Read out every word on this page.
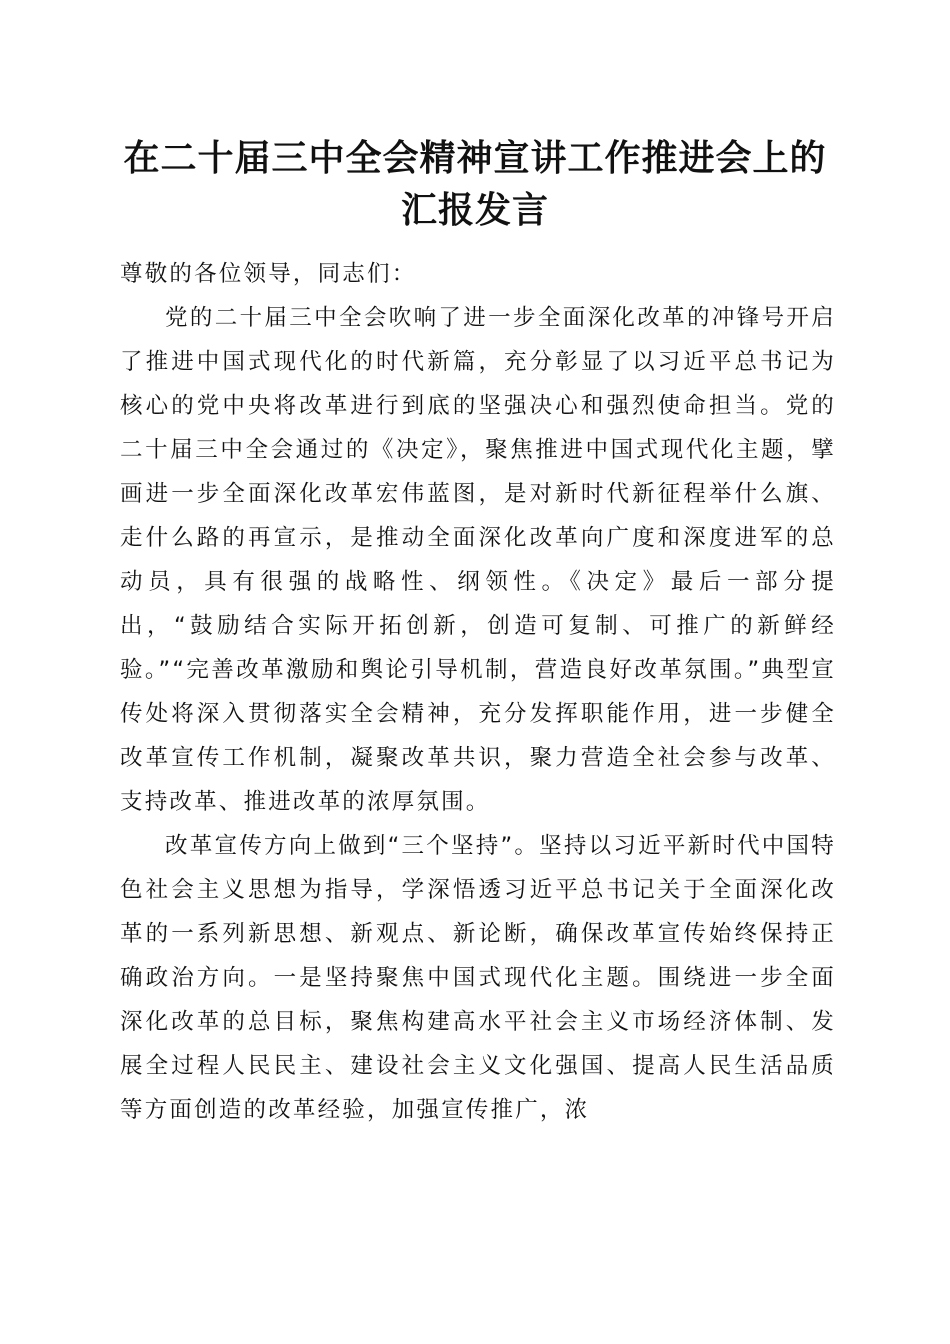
在二十届三中全会精神宣讲工作推进会上的汇报发言

尊敬的各位领导，同志们：

党的二十届三中全会吹响了进一步全面深化改革的冲锋号开启了推进中国式现代化的时代新篇，充分彰显了以习近平总书记为核心的党中央将改革进行到底的坚强决心和强烈使命担当。党的二十届三中全会通过的《决定》，聚焦推进中国式现代化主题，擘画进一步全面深化改革宏伟蓝图，是对新时代新征程举什么旗、走什么路的再宣示，是推动全面深化改革向广度和深度进军的总动员，具有很强的战略性、纲领性。《决定》最后一部分提出，“鼓励结合实际开拓创新，创造可复制、可推广的新鲜经验。”“完善改革激励和舆论引导机制，营造良好改革氛围。”典型宣传处将深入贯彻落实全会精神，充分发挥职能作用，进一步健全改革宣传工作机制，凝聚改革共识，聚力营造全社会参与改革、支持改革、推进改革的浓厚氛围。

改革宣传方向上做到“三个坚持”。坚持以习近平新时代中国特色社会主义思想为指导，学深悟透习近平总书记关于全面深化改革的一系列新思想、新观点、新论断，确保改革宣传始终保持正确政治方向。一是坚持聚焦中国式现代化主题。围绕进一步全面深化改革的总目标，聚焦构建高水平社会主义市场经济体制、发展全过程人民民主、建设社会主义文化强国、提高人民生活品质等方面创造的改革经验，加强宣传推广，浓
